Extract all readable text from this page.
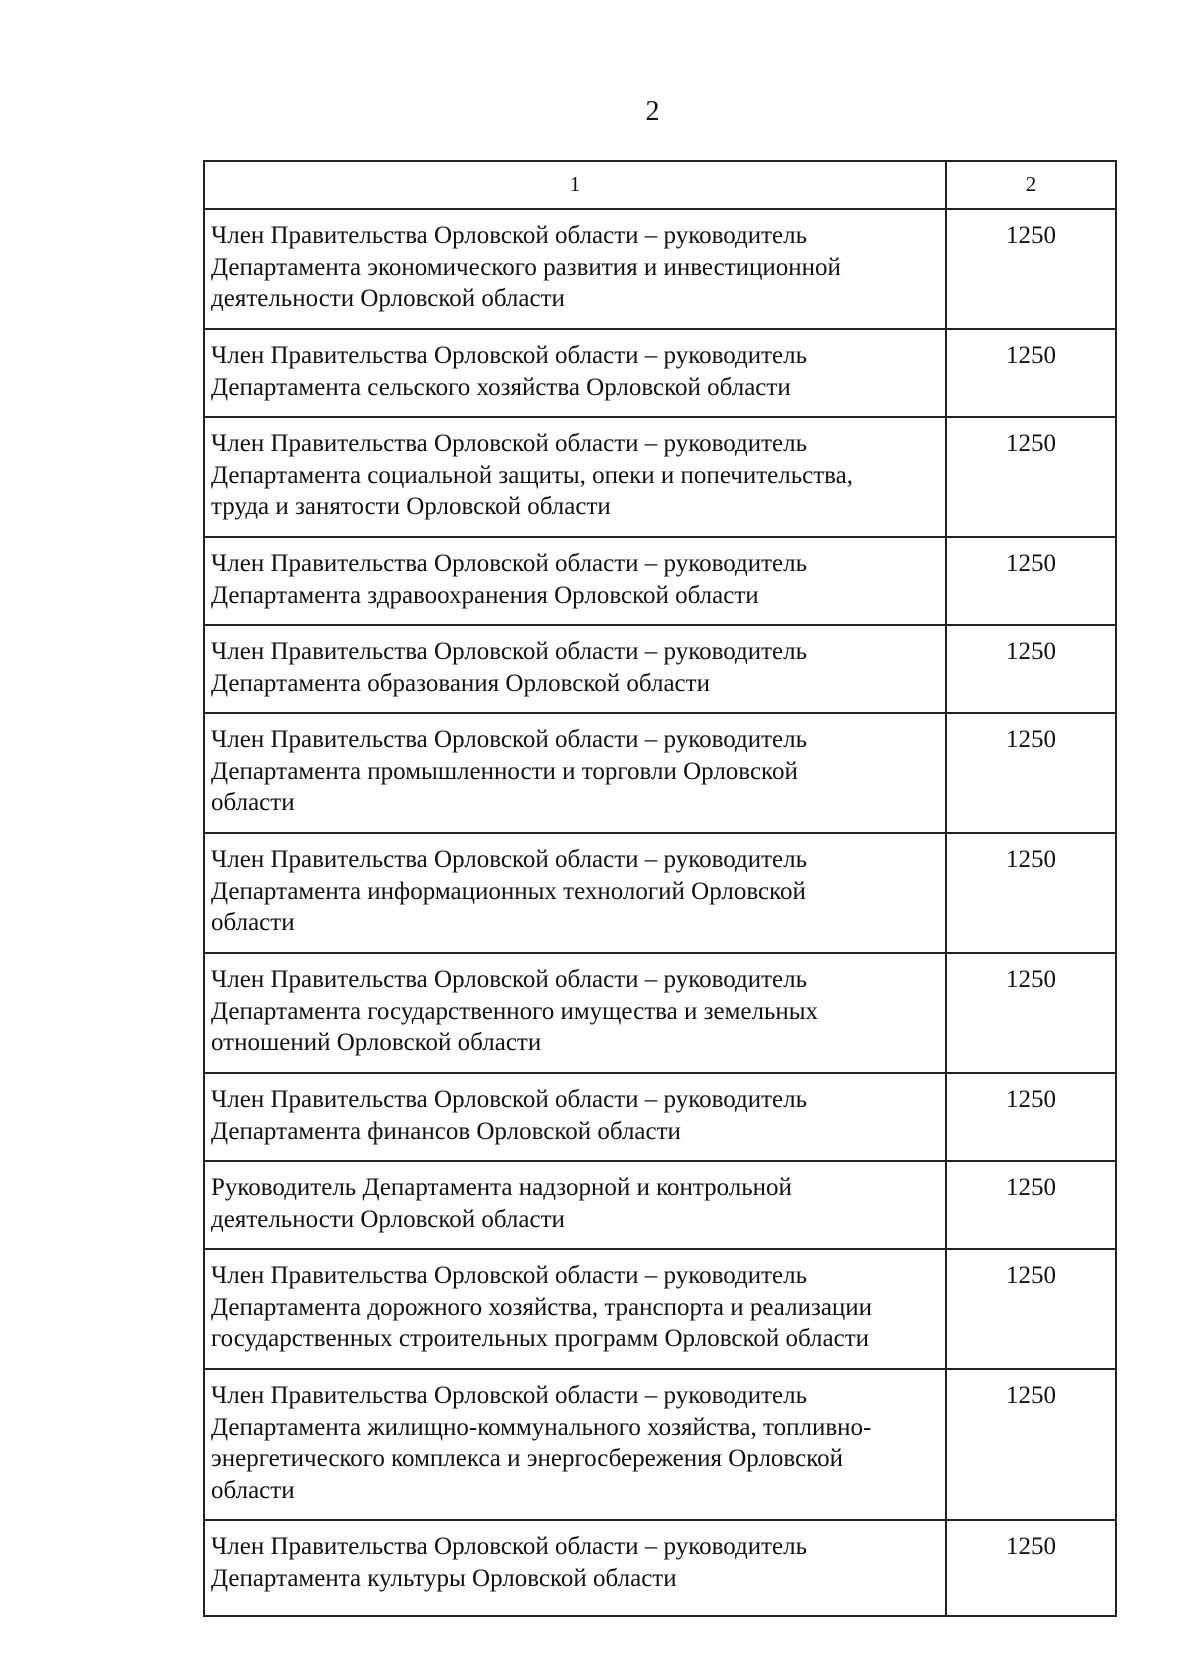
2
1	2

Член Правительства Орловской области – руководитель
Департамента экономического развития и инвестиционной
деятельности Орловской области	1250

Член Правительства Орловской области – руководитель
Департамента сельского хозяйства Орловской области	1250

Член Правительства Орловской области – руководитель
Департамента социальной защиты, опеки и попечительства,
труда и занятости Орловской области	1250

Член Правительства Орловской области – руководитель
Департамента здравоохранения Орловской области	1250

Член Правительства Орловской области – руководитель
Департамента образования Орловской области	1250

Член Правительства Орловской области – руководитель
Департамента промышленности и торговли Орловской
области	1250

Член Правительства Орловской области – руководитель
Департамента информационных технологий Орловской
области	1250

Член Правительства Орловской области – руководитель
Департамента государственного имущества и земельных
отношений Орловской области	1250

Член Правительства Орловской области – руководитель
Департамента финансов Орловской области	1250

Руководитель Департамента надзорной и контрольной
деятельности Орловской области	1250

Член Правительства Орловской области – руководитель
Департамента дорожного хозяйства, транспорта и реализации
государственных строительных программ Орловской области	1250

Член Правительства Орловской области – руководитель
Департамента жилищно-коммунального хозяйства, топливно-
энергетического комплекса и энергосбережения Орловской
области	1250

Член Правительства Орловской области – руководитель
Департамента культуры Орловской области	1250
